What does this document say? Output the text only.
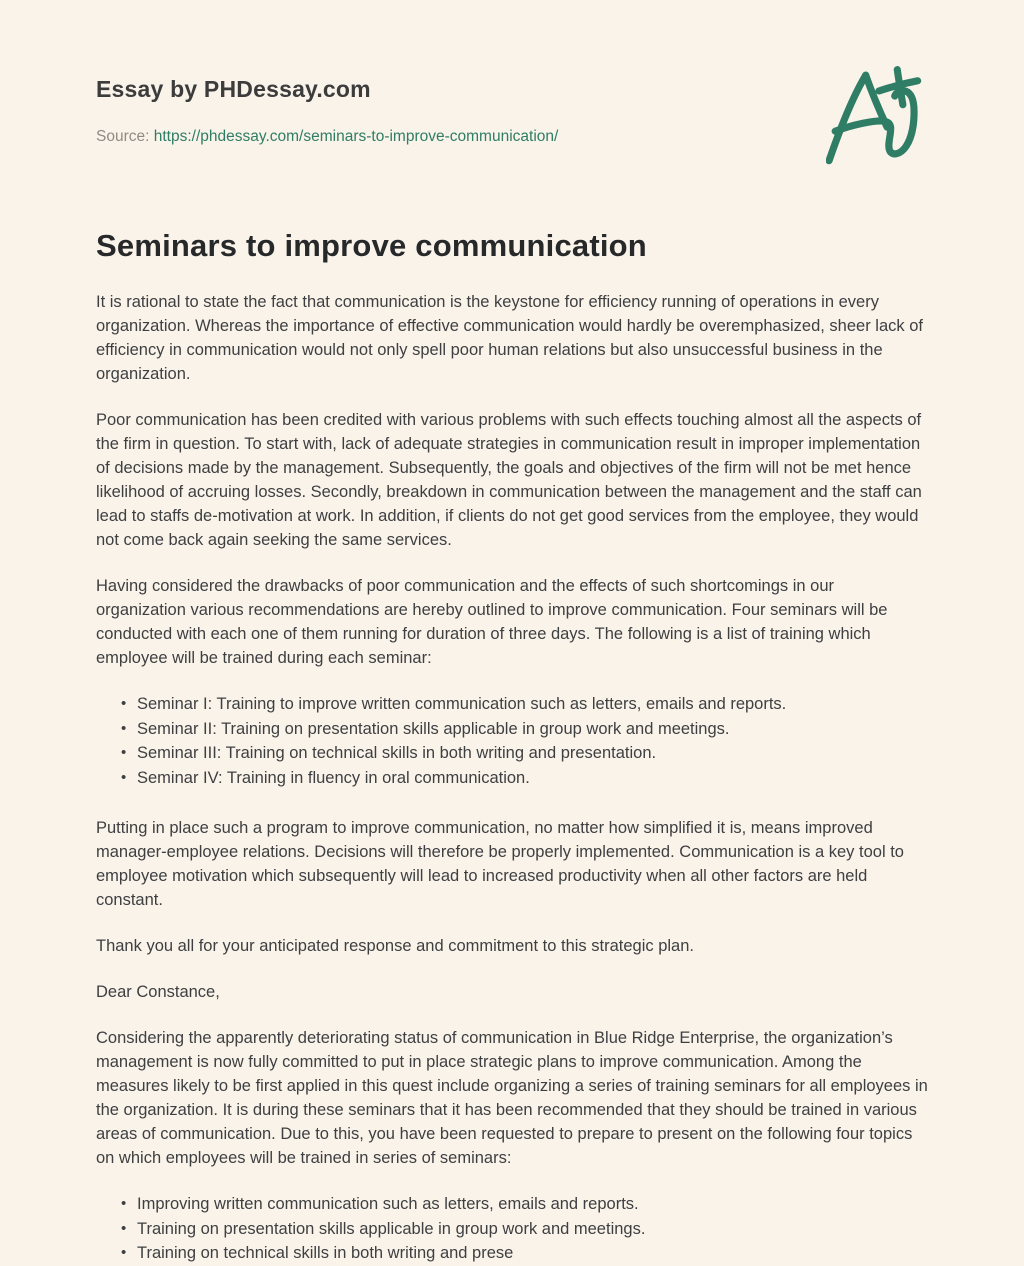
Essay by PHDessay.com
Source: https://phdessay.com/seminars-to-improve-communication/
Seminars to improve communication

It is rational to state the fact that communication is the keystone for efficiency running of operations in every organization. Whereas the importance of effective communication would hardly be overemphasized, sheer lack of efficiency in communication would not only spell poor human relations but also unsuccessful business in the organization.

Poor communication has been credited with various problems with such effects touching almost all the aspects of the firm in question. To start with, lack of adequate strategies in communication result in improper implementation of decisions made by the management. Subsequently, the goals and objectives of the firm will not be met hence likelihood of accruing losses. Secondly, breakdown in communication between the management and the staff can lead to staffs de-motivation at work. In addition, if clients do not get good services from the employee, they would not come back again seeking the same services.

Having considered the drawbacks of poor communication and the effects of such shortcomings in our organization various recommendations are hereby outlined to improve communication. Four seminars will be conducted with each one of them running for duration of three days. The following is a list of training which employee will be trained during each seminar:

• Seminar I: Training to improve written communication such as letters, emails and reports.
• Seminar II: Training on presentation skills applicable in group work and meetings.
• Seminar III: Training on technical skills in both writing and presentation.
• Seminar IV: Training in fluency in oral communication.

Putting in place such a program to improve communication, no matter how simplified it is, means improved manager-employee relations. Decisions will therefore be properly implemented. Communication is a key tool to employee motivation which subsequently will lead to increased productivity when all other factors are held constant.

Thank you all for your anticipated response and commitment to this strategic plan.

Dear Constance,

Considering the apparently deteriorating status of communication in Blue Ridge Enterprise, the organization’s management is now fully committed to put in place strategic plans to improve communication. Among the measures likely to be first applied in this quest include organizing a series of training seminars for all employees in the organization. It is during these seminars that it has been recommended that they should be trained in various areas of communication. Due to this, you have been requested to prepare to present on the following four topics on which employees will be trained in series of seminars:

• Improving written communication such as letters, emails and reports.
• Training on presentation skills applicable in group work and meetings.
• Training on technical skills in both writing and prese
